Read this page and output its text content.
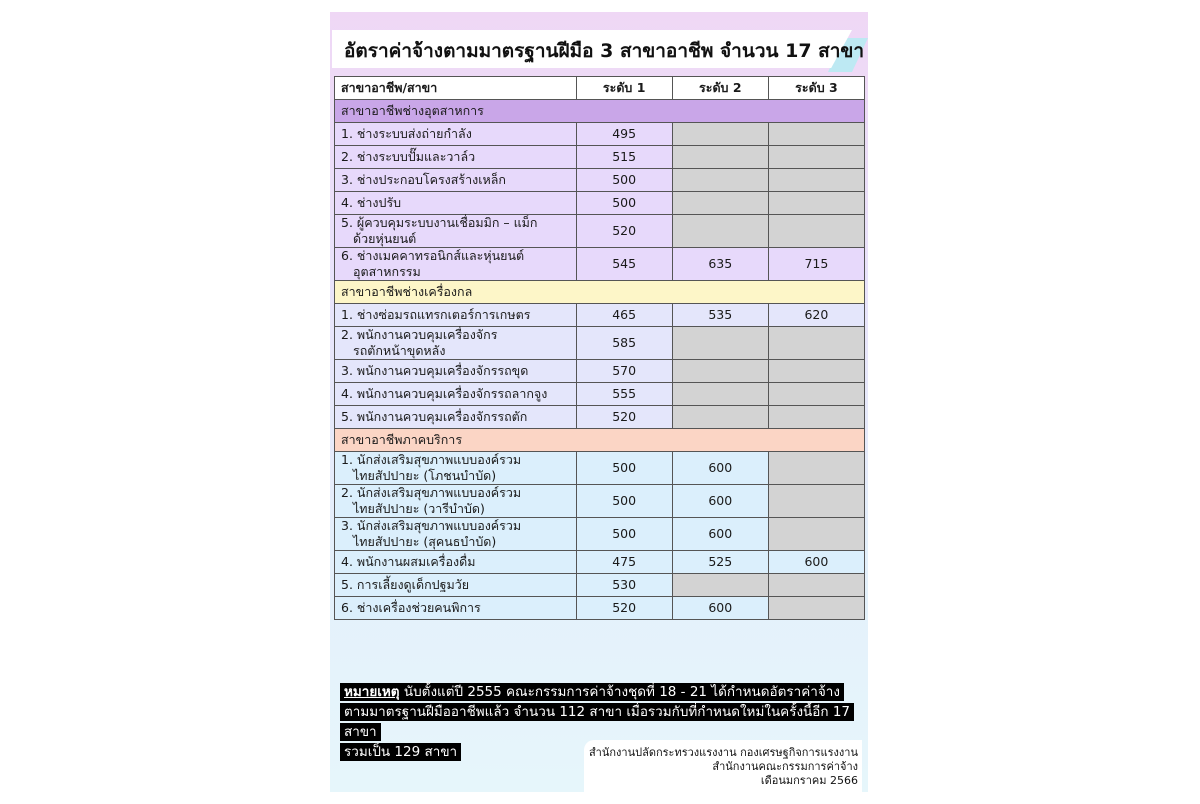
อัตราค่าจ้างตามมาตรฐานฝีมือ 3 สาขาอาชีพ จำนวน 17 สาขา
สาขาอาชีพ/สาขา	ระดับ 1	ระดับ 2	ระดับ 3
สาขาอาชีพช่างอุตสาหการ			
1. ช่างระบบส่งถ่ายกำลัง	495		
2. ช่างระบบปั๊มและวาล์ว	515		
3. ช่างประกอบโครงสร้างเหล็ก	500		
4. ช่างปรับ	500		
5. ผู้ควบคุมระบบงานเชื่อมมิก – แม็ก
ด้วยหุ่นยนต์	520		
6. ช่างเมคคาทรอนิกส์และหุ่นยนต์
อุตสาหกรรม	545	635	715
สาขาอาชีพช่างเครื่องกล			
1. ช่างซ่อมรถแทรกเตอร์การเกษตร	465	535	620
2. พนักงานควบคุมเครื่องจักร
รถตักหน้าขุดหลัง	585		
3. พนักงานควบคุมเครื่องจักรรถขุด	570		
4. พนักงานควบคุมเครื่องจักรรถลากจูง	555		
5. พนักงานควบคุมเครื่องจักรรถตัก	520		
สาขาอาชีพภาคบริการ			
1. นักส่งเสริมสุขภาพแบบองค์รวม
ไทยสัปปายะ (โภชนบำบัด)	500	600	
2. นักส่งเสริมสุขภาพแบบองค์รวม
ไทยสัปปายะ (วารีบำบัด)	500	600	
3. นักส่งเสริมสุขภาพแบบองค์รวม
ไทยสัปปายะ (สุคนธบำบัด)	500	600	
4. พนักงานผสมเครื่องดื่ม	475	525	600
5. การเลี้ยงดูเด็กปฐมวัย	530		
6. ช่างเครื่องช่วยคนพิการ	520	600	
หมายเหตุ นับตั้งแต่ปี 2555 คณะกรรมการค่าจ้างชุดที่ 18 - 21 ได้กำหนดอัตราค่าจ้าง
ตามมาตรฐานฝีมืออาชีพแล้ว จำนวน 112 สาขา เมื่อรวมกับที่กำหนดใหม่ในครั้งนี้อีก 17 สาขา
รวมเป็น 129 สาขา	สำนักงานปลัดกระทรวงแรงงาน กองเศรษฐกิจการแรงงาน
สำนักงานคณะกรรมการค่าจ้าง
เดือนมกราคม 2566
